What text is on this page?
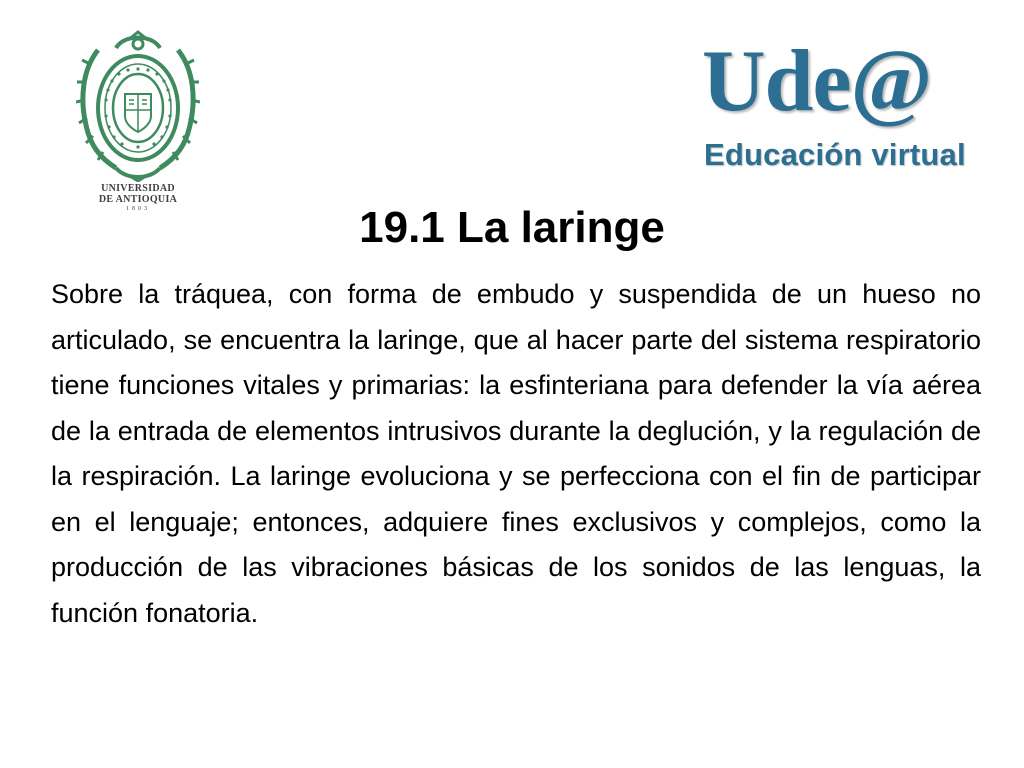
UNIVERSIDAD
DE ANTIOQUIA
1803
Ude@
Educación virtual
19.1 La laringe

Sobre la tráquea, con forma de embudo y suspendida de un hueso no articulado, se encuentra la laringe, que al hacer parte del sistema respiratorio tiene funciones vitales y primarias: la esfinteriana para defender la vía aérea de la entrada de elementos intrusivos durante la deglución, y la regulación de la respiración. La laringe evoluciona y se perfecciona con el fin de participar en el lenguaje; entonces, adquiere fines exclusivos y complejos, como la producción de las vibraciones básicas de los sonidos de las lenguas, la función fonatoria.
